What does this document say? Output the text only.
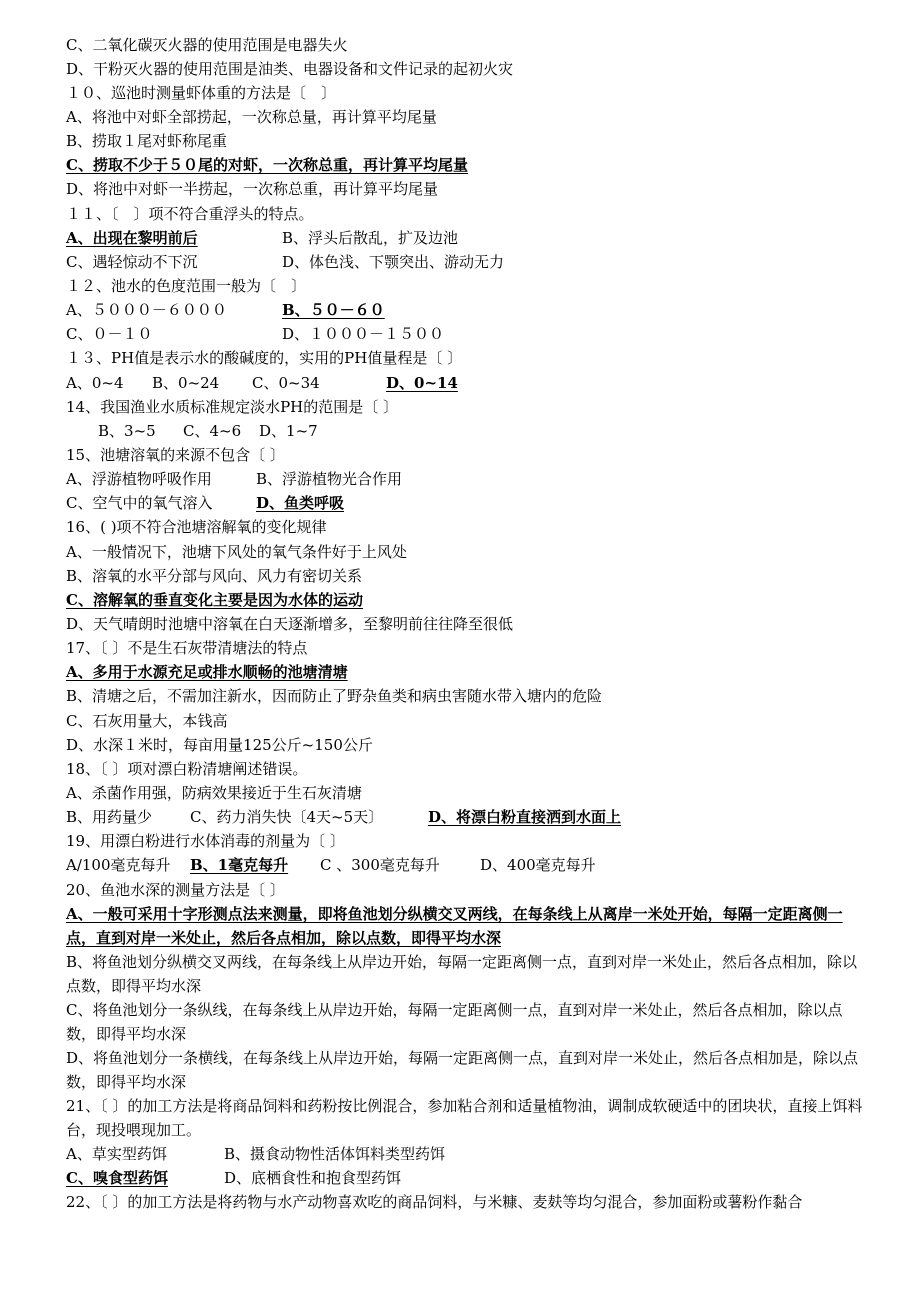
C、二氧化碳灭火器的使用范围是电器失火
D、干粉灭火器的使用范围是油类、电器设备和文件记录的起初火灾
１０、巡池时测量虾体重的方法是〔　〕
A、将池中对虾全部捞起，一次称总量，再计算平均尾量
B、捞取１尾对虾称尾重
C、捞取不少于５０尾的对虾，一次称总重，再计算平均尾量
D、将池中对虾一半捞起，一次称总重，再计算平均尾量
１１、〔　〕项不符合重浮头的特点。
A、出现在黎明前后	B、浮头后散乱，扩及边池
C、遇轻惊动不下沉	D、体色浅、下颚突出、游动无力
１２、池水的色度范围一般为〔　〕
A、５０００－６０００	B、５０－６０
C、０－１０	D、１０００－１５００
１３、PH值是表示水的酸碱度的，实用的PH值量程是〔 〕
A、0~4 B、0~24 C、0~34	D、0~14
14、我国渔业水质标准规定淡水PH的范围是〔 〕
B、3~5 C、4~6 D、1~7
15、池塘溶氧的来源不包含〔 〕
A、浮游植物呼吸作用	B、浮游植物光合作用
C、空气中的氧气溶入	D、鱼类呼吸
16、( )项不符合池塘溶解氧的变化规律
A、一般情况下，池塘下风处的氧气条件好于上风处
B、溶氧的水平分部与风向、风力有密切关系
C、溶解氧的垂直变化主要是因为水体的运动
D、天气晴朗时池塘中溶氧在白天逐渐增多，至黎明前往往降至很低
17、〔 〕不是生石灰带清塘法的特点
A、多用于水源充足或排水顺畅的池塘清塘
B、清塘之后，不需加注新水，因而防止了野杂鱼类和病虫害随水带入塘内的危险
C、石灰用量大，本钱高
D、水深１米时，每亩用量125公斤~150公斤
18、〔 〕项对漂白粉清塘阐述错误。
A、杀菌作用强，防病效果接近于生石灰清塘
B、用药量少	C、药力消失快〔4天~5天〕	D、将漂白粉直接洒到水面上
19、用漂白粉进行水体消毒的剂量为〔 〕
A/100毫克每升 B、1毫克每升 C 、300毫克每升	D、400毫克每升
20、鱼池水深的测量方法是〔 〕
A、一般可采用十字形测点法来测量，即将鱼池划分纵横交叉两线，在每条线上从离岸一米处开始，每隔一定距离侧一点，直到对岸一米处止，然后各点相加，除以点数，即得平均水深
B、将鱼池划分纵横交叉两线，在每条线上从岸边开始，每隔一定距离侧一点，直到对岸一米处止，然后各点相加，除以点数，即得平均水深
C、将鱼池划分一条纵线，在每条线上从岸边开始，每隔一定距离侧一点，直到对岸一米处止，然后各点相加，除以点数，即得平均水深
D、将鱼池划分一条横线，在每条线上从岸边开始，每隔一定距离侧一点，直到对岸一米处止，然后各点相加是，除以点数，即得平均水深
21、〔 〕的加工方法是将商品饲料和药粉按比例混合，参加粘合剂和适量植物油，调制成软硬适中的团块状，直接上饵料台，现投喂现加工。
A、草实型药饵	B、摄食动物性活体饵料类型药饵
C、嗅食型药饵	D、底栖食性和抱食型药饵
22、〔 〕的加工方法是将药物与水产动物喜欢吃的商品饲料，与米糠、麦麸等均匀混合，参加面粉或薯粉作黏合
